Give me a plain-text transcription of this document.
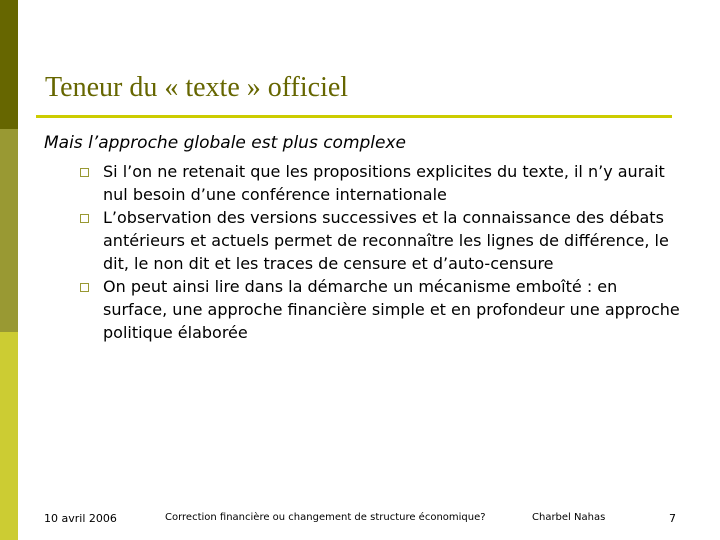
Teneur du « texte » officiel
Mais l’approche globale est plus complexe
Si l’on ne retenait que les propositions explicites du texte, il n’y aurait nul besoin d’une conférence internationale
L’observation des versions successives et la connaissance des débats antérieurs et actuels permet de reconnaître les lignes de différence, le dit, le non dit et les traces de censure et d’auto-censure
On peut ainsi lire dans la démarche un mécanisme emboîté : en surface, une approche financière simple et en profondeur une approche politique élaborée
10 avril 2006	Correction financière ou changement de structure économique?	Charbel Nahas	7
